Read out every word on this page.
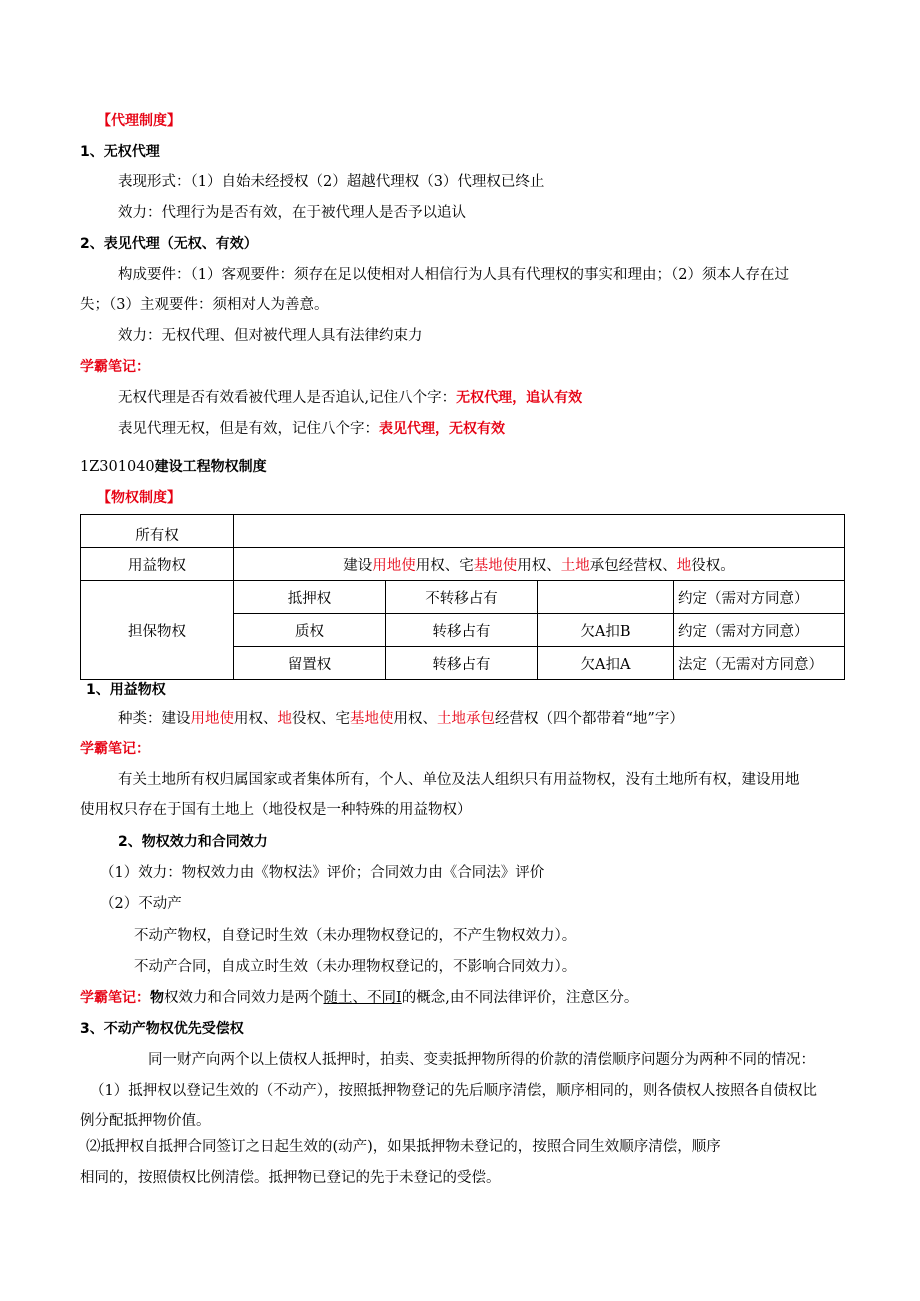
【代理制度】
1、无权代理
表现形式：（1）自始未经授权（2）超越代理权（3）代理权已终止
效力：代理行为是否有效，在于被代理人是否予以追认
2、表见代理（无权、有效）
构成要件：（1）客观要件：须存在足以使相对人相信行为人具有代理权的事实和理由；（2）须本人存在过
失；（3）主观要件：须相对人为善意。
效力：无权代理、但对被代理人具有法律约束力
学霸笔记：
无权代理是否有效看被代理人是否追认,记住八个字：无权代理，追认有效
表见代理无权，但是有效，记住八个字：表见代理，无权有效
1Z301040建设工程物权制度
【物权制度】
所有权				
用益物权	建设用地使用权、宅基地使用权、土地承包经营权、地役权。			
担保物权	抵押权	不转移占有		约定（需对方同意）
	质权	转移占有	欠A扣B	约定（需对方同意）
	留置权	转移占有	欠A扣A	法定（无需对方同意）
1、用益物权
种类：建设用地使用权、地役权、宅基地使用权、土地承包经营权（四个都带着“地”字）
学霸笔记：
有关土地所有权归属国家或者集体所有，个人、单位及法人组织只有用益物权，没有土地所有权，建设用地
使用权只存在于国有土地上（地役权是一种特殊的用益物权）
2、物权效力和合同效力
（1）效力：物权效力由《物权法》评价；合同效力由《合同法》评价
（2）不动产
不动产物权，自登记时生效（未办理物权登记的，不产生物权效力）。
不动产合同，自成立时生效（未办理物权登记的，不影响合同效力）。
学霸笔记：物权效力和合同效力是两个随土、不同I的概念,由不同法律评价，注意区分。
3、不动产物权优先受偿权
同一财产向两个以上债权人抵押时，拍卖、变卖抵押物所得的价款的清偿顺序问题分为两种不同的情况：
（1）抵押权以登记生效的（不动产），按照抵押物登记的先后顺序清偿，顺序相同的，则各债权人按照各自债权比
例分配抵押物价值。
⑵抵押权自抵押合同签订之日起生效的(动产)，如果抵押物未登记的，按照合同生效顺序清偿，顺序
相同的，按照债权比例清偿。抵押物已登记的先于未登记的受偿。
